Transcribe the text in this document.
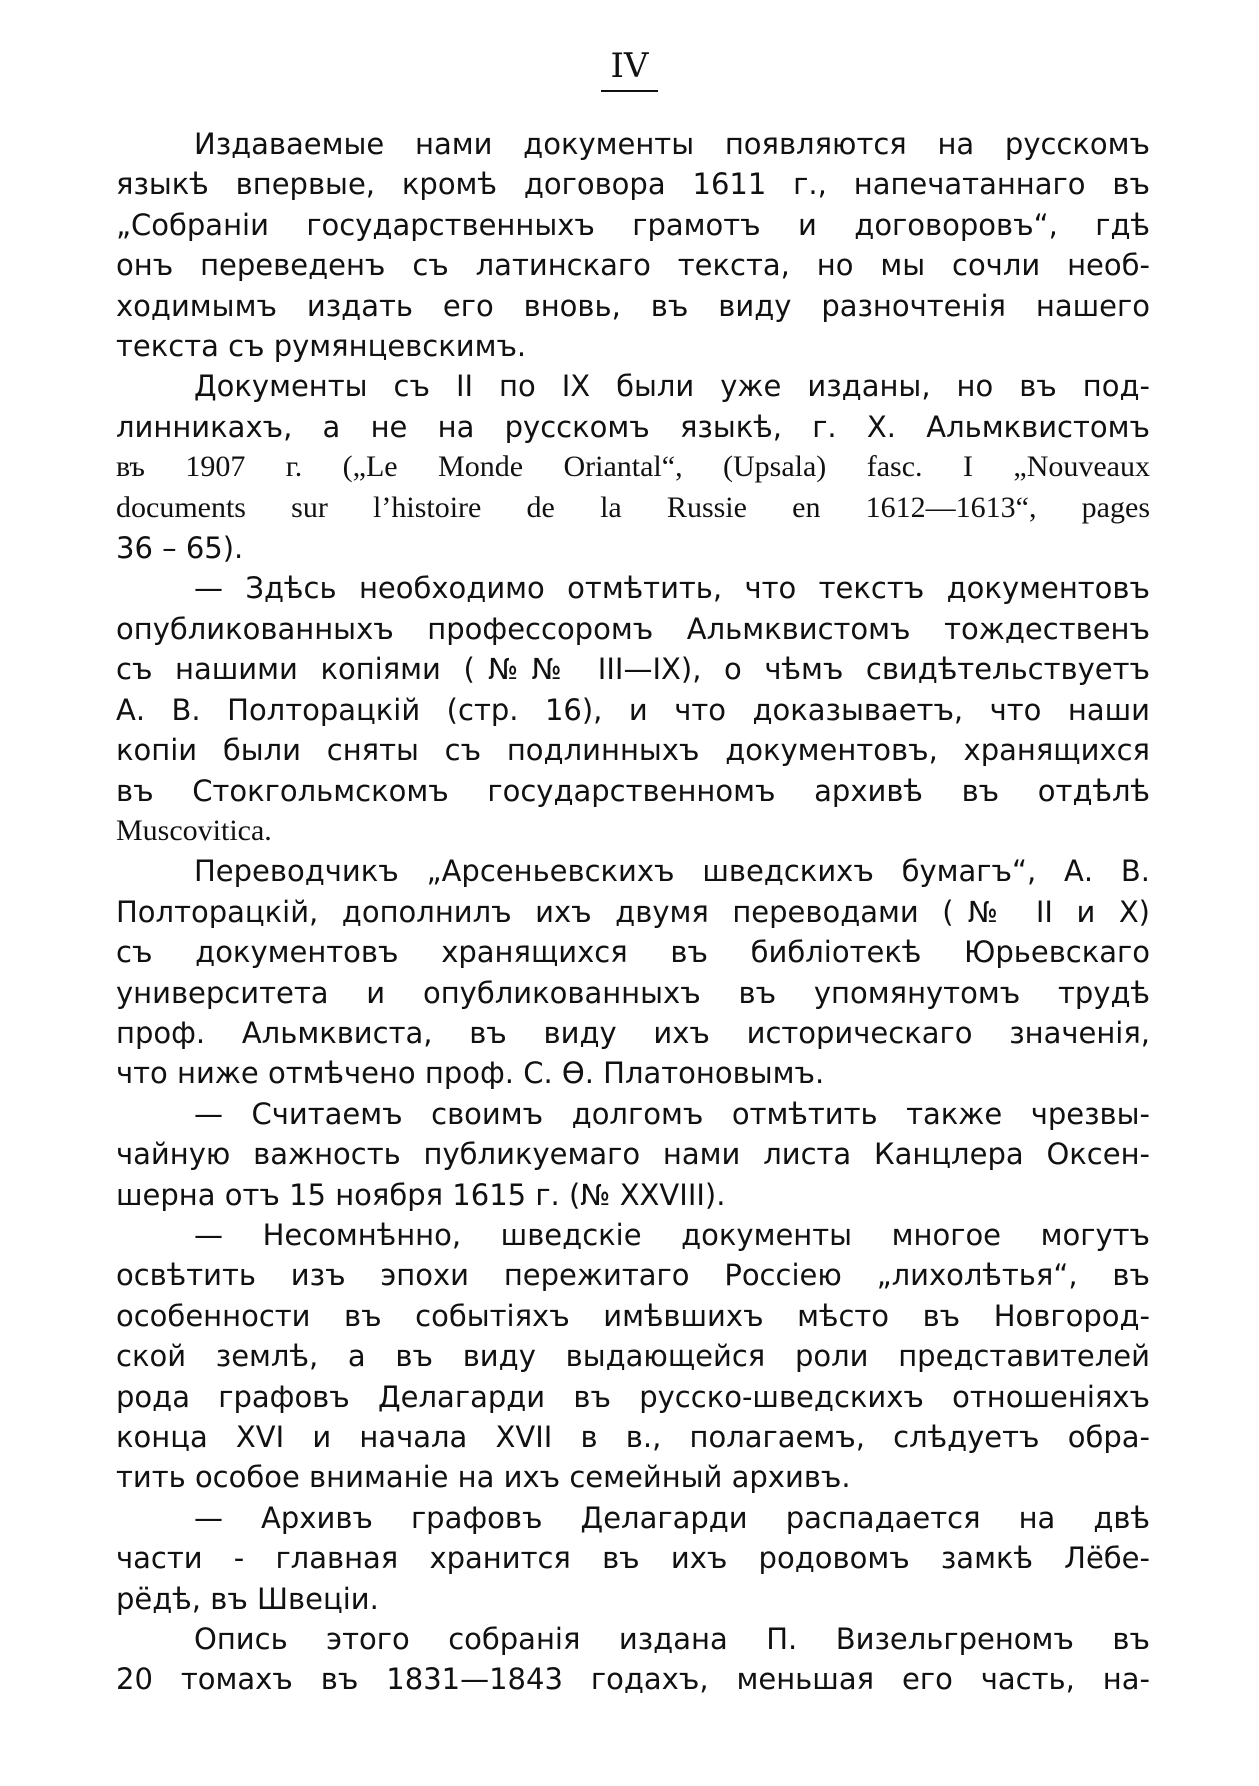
IV

Издаваемые нами документы появляются на русскомъ
языкѣ впервые, кромѣ договора 1611 г., напечатаннаго въ
„Собраніи государственныхъ грамотъ и договоровъ“, гдѣ
онъ переведенъ съ латинскаго текста, но мы сочли необ-
ходимымъ издать его вновь, въ виду разночтенія нашего
текста съ румянцевскимъ.

Документы съ II по IX были уже изданы, но въ под-
линникахъ, а не на русскомъ языкѣ, г. X. Альмквистомъ
въ 1907 г. („Le Monde Oriantal“, (Upsala) fasc. I „Nouveaux
documents sur l’histoire de la Russie en 1612—1613“, pages
36 – 65).

— Здѣсь необходимо отмѣтить, что текстъ документовъ
опубликованныхъ профессоромъ Альмквистомъ тождественъ
съ нашими копіями (№№ III—IX), о чѣмъ свидѣтельствуетъ
А. В. Полторацкій (стр. 16), и что доказываетъ, что наши
копіи были сняты съ подлинныхъ документовъ, хранящихся
въ Стокгольмскомъ государственномъ архивѣ въ отдѣлѣ
Muscovitica.

Переводчикъ „Арсеньевскихъ шведскихъ бумагъ“, А. В.
Полторацкій, дополнилъ ихъ двумя переводами (№ II и X)
съ документовъ хранящихся въ библіотекѣ Юрьевскаго
университета и опубликованныхъ въ упомянутомъ трудѣ
проф. Альмквиста, въ виду ихъ историческаго значенія,
что ниже отмѣчено проф. С. Ѳ. Платоновымъ.

— Считаемъ своимъ долгомъ отмѣтить также чрезвы-
чайную важность публикуемаго нами листа Канцлера Оксен-
шерна отъ 15 ноября 1615 г. (№ XXVIII).

— Несомнѣнно, шведскіе документы многое могутъ
освѣтить изъ эпохи пережитаго Россіею „лихолѣтья“, въ
особенности въ событіяхъ имѣвшихъ мѣсто въ Новгород-
ской землѣ, а въ виду выдающейся роли представителей
рода графовъ Делагарди въ русско-шведскихъ отношеніяхъ
конца XVI и начала XVII в в., полагаемъ, слѣдуетъ обра-
тить особое вниманіе на ихъ семейный архивъ.

— Архивъ графовъ Делагарди распадается на двѣ
части - главная хранится въ ихъ родовомъ замкѣ Лёбе-
рёдѣ, въ Швеціи.

Опись этого собранія издана П. Визельгреномъ въ
20 томахъ въ 1831—1843 годахъ, меньшая его часть, на-
